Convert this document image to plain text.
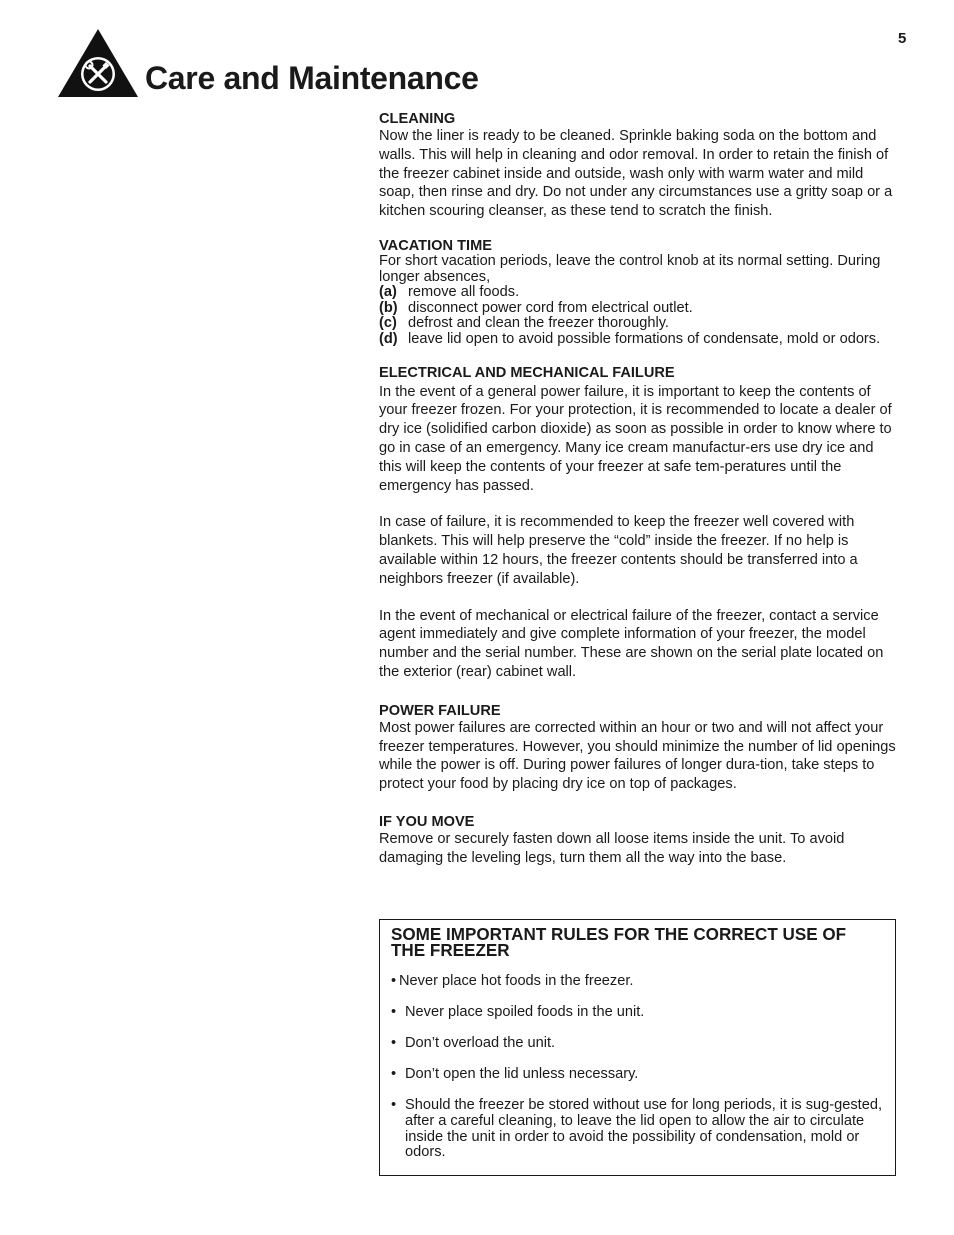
5
Care and Maintenance
CLEANING

Now the liner is ready to be cleaned. Sprinkle baking soda on the bottom and walls. This will help in cleaning and odor removal. In order to retain the finish of the freezer cabinet inside and outside, wash only with warm water and mild soap, then rinse and dry. Do not under any circumstances use a gritty soap or a kitchen scouring cleanser, as these tend to scratch the finish.

VACATION TIME

For short vacation periods, leave the control knob at its normal setting. During longer absences,

(a) remove all foods.
(b) disconnect power cord from electrical outlet.
(c) defrost and clean the freezer thoroughly.
(d) leave lid open to avoid possible formations of condensate, mold or odors.
ELECTRICAL AND MECHANICAL FAILURE

In the event of a general power failure, it is important to keep the contents of your freezer frozen. For your protection, it is recommended to locate a dealer of dry ice (solidified carbon dioxide) as soon as possible in order to know where to go in case of an emergency. Many ice cream manufactur-ers use dry ice and this will keep the contents of your freezer at safe tem-peratures until the emergency has passed.

In case of failure, it is recommended to keep the freezer well covered with blankets. This will help preserve the “cold” inside the freezer. If no help is available within 12 hours, the freezer contents should be transferred into a neighbors freezer (if available).

In the event of mechanical or electrical failure of the freezer, contact a service agent immediately and give complete information of your freezer, the model number and the serial number. These are shown on the serial plate located on the exterior (rear) cabinet wall.

POWER FAILURE

Most power failures are corrected within an hour or two and will not affect your freezer temperatures. However, you should minimize the number of lid openings while the power is off. During power failures of longer dura-tion, take steps to protect your food by placing dry ice on top of packages.

IF YOU MOVE

Remove or securely fasten down all loose items inside the unit. To avoid damaging the leveling legs, turn them all the way into the base.

SOME IMPORTANT RULES FOR THE CORRECT USE OF THE FREEZER
• Never place hot foods in the freezer.
• Never place spoiled foods in the unit.
• Don’t overload the unit.
• Don’t open the lid unless necessary.
• Should the freezer be stored without use for long periods, it is sug-gested, after a careful cleaning, to leave the lid open to allow the air to circulate inside the unit in order to avoid the possibility of condensation, mold or odors.
